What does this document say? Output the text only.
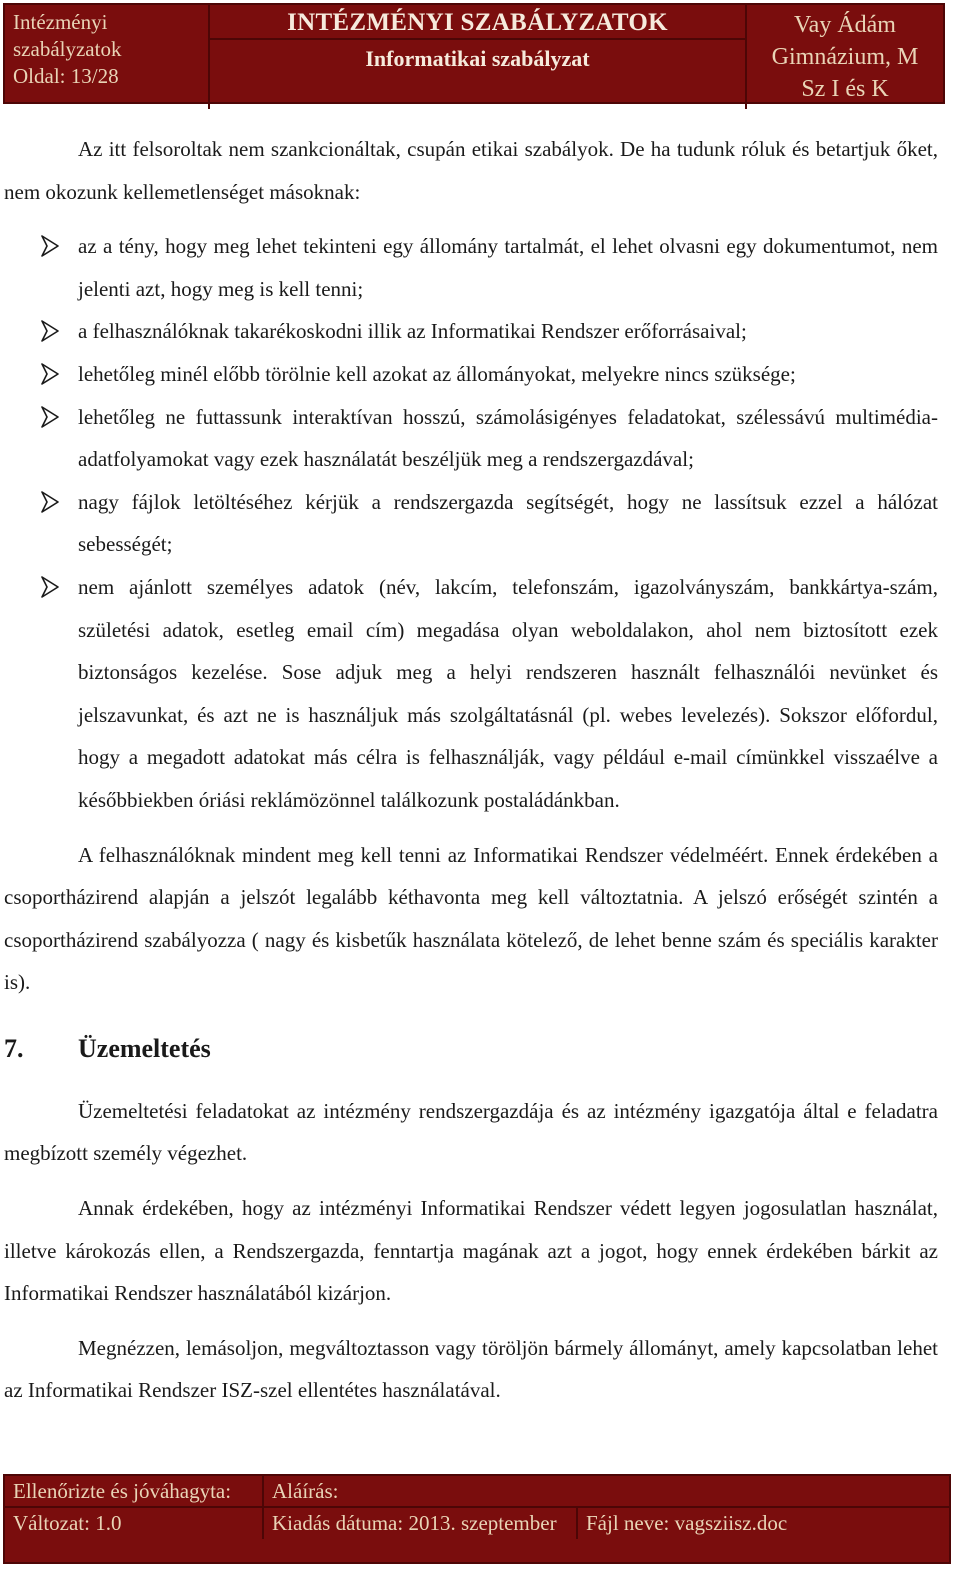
Intézményi
szabályzatok
Oldal: 13/28
INTÉZMÉNYI SZABÁLYZATOK
Informatikai szabályzat
Vay Ádám
Gimnázium, M
Sz I és K

Az itt felsoroltak nem szankcionáltak, csupán etikai szabályok. De ha tudunk róluk és betartjuk őket, nem okozunk kellemetlenséget másoknak:

az a tény, hogy meg lehet tekinteni egy állomány tartalmát, el lehet olvasni egy dokumentumot, nem jelenti azt, hogy meg is kell tenni;
a felhasználóknak takarékoskodni illik az Informatikai Rendszer erőforrásaival;
lehetőleg minél előbb törölnie kell azokat az állományokat, melyekre nincs szüksége;
lehetőleg ne futtassunk interaktívan hosszú, számolásigényes feladatokat, szélessávú multimédia-adatfolyamokat vagy ezek használatát beszéljük meg a rendszergazdával;
nagy fájlok letöltéséhez kérjük a rendszergazda segítségét, hogy ne lassítsuk ezzel a hálózat sebességét;
nem ajánlott személyes adatok (név, lakcím, telefonszám, igazolványszám, bankkártya-szám, születési adatok, esetleg email cím) megadása olyan weboldalakon, ahol nem biztosított ezek biztonságos kezelése. Sose adjuk meg a helyi rendszeren használt felhasználói nevünket és jelszavunkat, és azt ne is használjuk más szolgáltatásnál (pl. webes levelezés). Sokszor előfordul, hogy a megadott adatokat más célra is felhasználják, vagy például e-mail címünkkel visszaélve a későbbiekben óriási reklámözönnel találkozunk postaládánkban.

A felhasználóknak mindent meg kell tenni az Informatikai Rendszer védelméért. Ennek érdekében a csoportházirend alapján a jelszót legalább kéthavonta meg kell változtatnia. A jelszó erőségét szintén a csoportházirend szabályozza ( nagy és kisbetűk használata kötelező, de lehet benne szám és speciális karakter is).

7.	Üzemeltetés

Üzemeltetési feladatokat az intézmény rendszergazdája és az intézmény igazgatója által e feladatra megbízott személy végezhet.

Annak érdekében, hogy az intézményi Informatikai Rendszer védett legyen jogosulatlan használat, illetve károkozás ellen, a Rendszergazda, fenntartja magának azt a jogot, hogy ennek érdekében bárkit az Informatikai Rendszer használatából kizárjon.

Megnézzen, lemásoljon, megváltoztasson vagy töröljön bármely állományt, amely kapcsolatban lehet az Informatikai Rendszer ISZ-szel ellentétes használatával.

Ellenőrizte és jóváhagyta:	Aláírás:
Változat: 1.0	Kiadás dátuma: 2013. szeptember	Fájl neve: vagsziisz.doc
